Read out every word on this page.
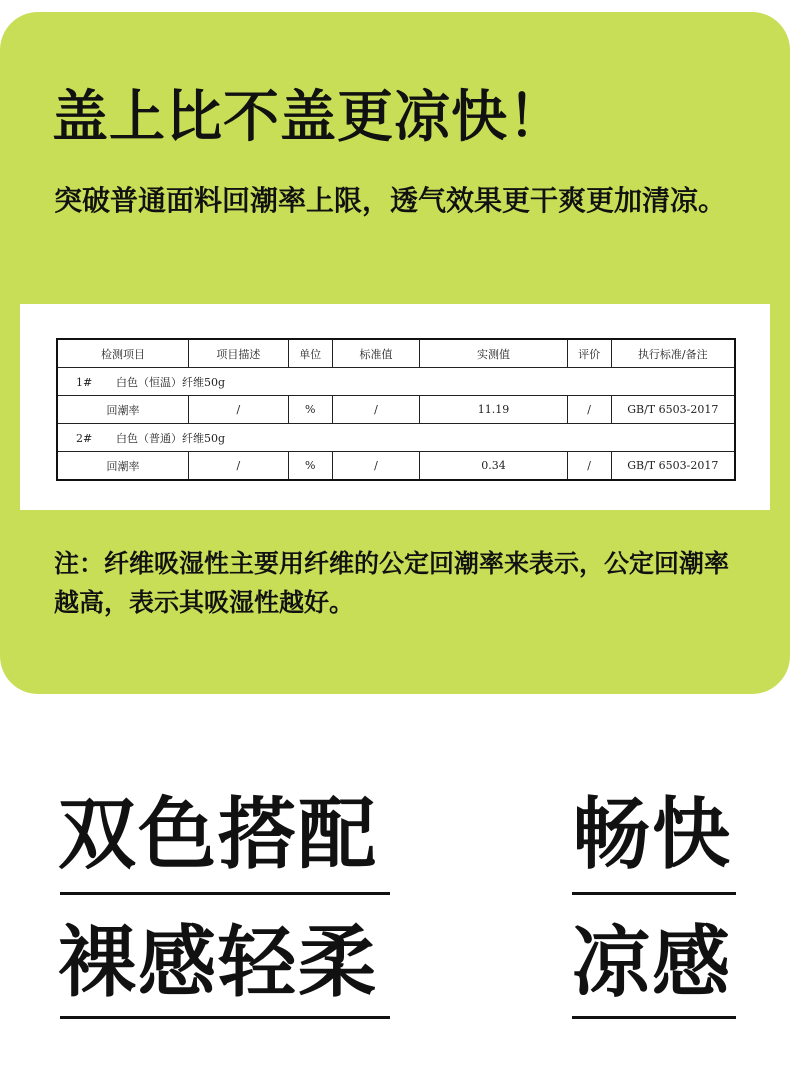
盖上比不盖更凉快！
突破普通面料回潮率上限，透气效果更干爽更加清凉。
检测项目	项目描述	单位	标准值	实测值	评价	执行标准/备注
1# 白色（恒温）纤维50g						
回潮率	/	%	/	11.19	/	GB/T 6503-2017
2# 白色（普通）纤维50g						
回潮率	/	%	/	0.34	/	GB/T 6503-2017
注：纤维吸湿性主要用纤维的公定回潮率来表示，公定回潮率越高，表示其吸湿性越好。
双色搭配 畅快
裸感轻柔 凉感
